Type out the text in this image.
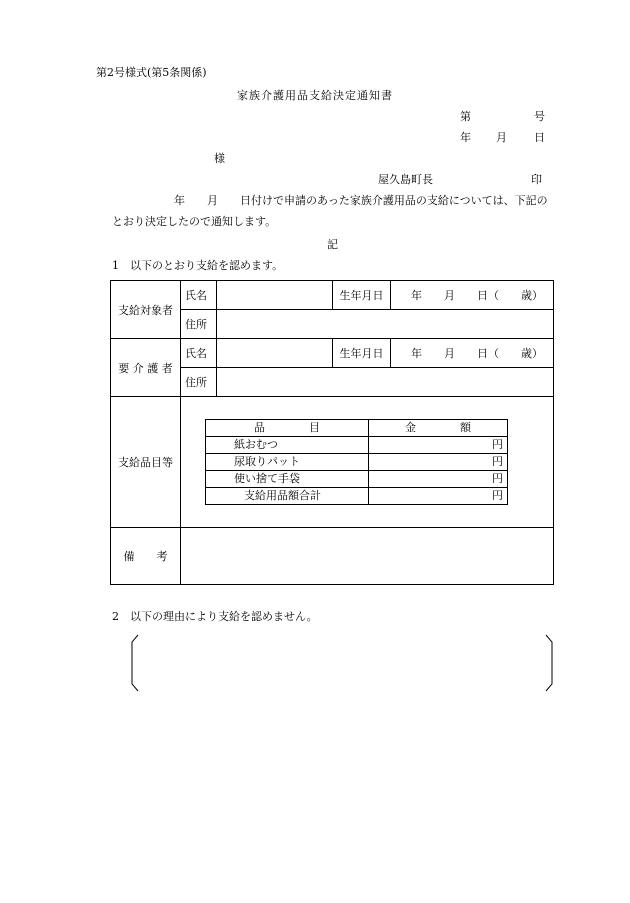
第2号様式(第5条関係)
家族介護用品支給決定通知書
第	号
年 月 日
様
屋久島町長	印
年　　月　　日付けで申請のあった家族介護用品の支給については、下記の
とおり決定したので通知します。
記
1　以下のとおり支給を認めます。
支給対象者	氏名		生年月日	年　　月　　日（　　歳）
住所	
要 介 護 者	氏名		生年月日	年　　月　　日（　　歳）
住所	
支給品目等	
品　　　　目	金　　　　額
紙おむつ	円
尿取りパット	円
使い捨て手袋	円
支給用品額合計	円

備　　考	
2　以下の理由により支給を認めません。
